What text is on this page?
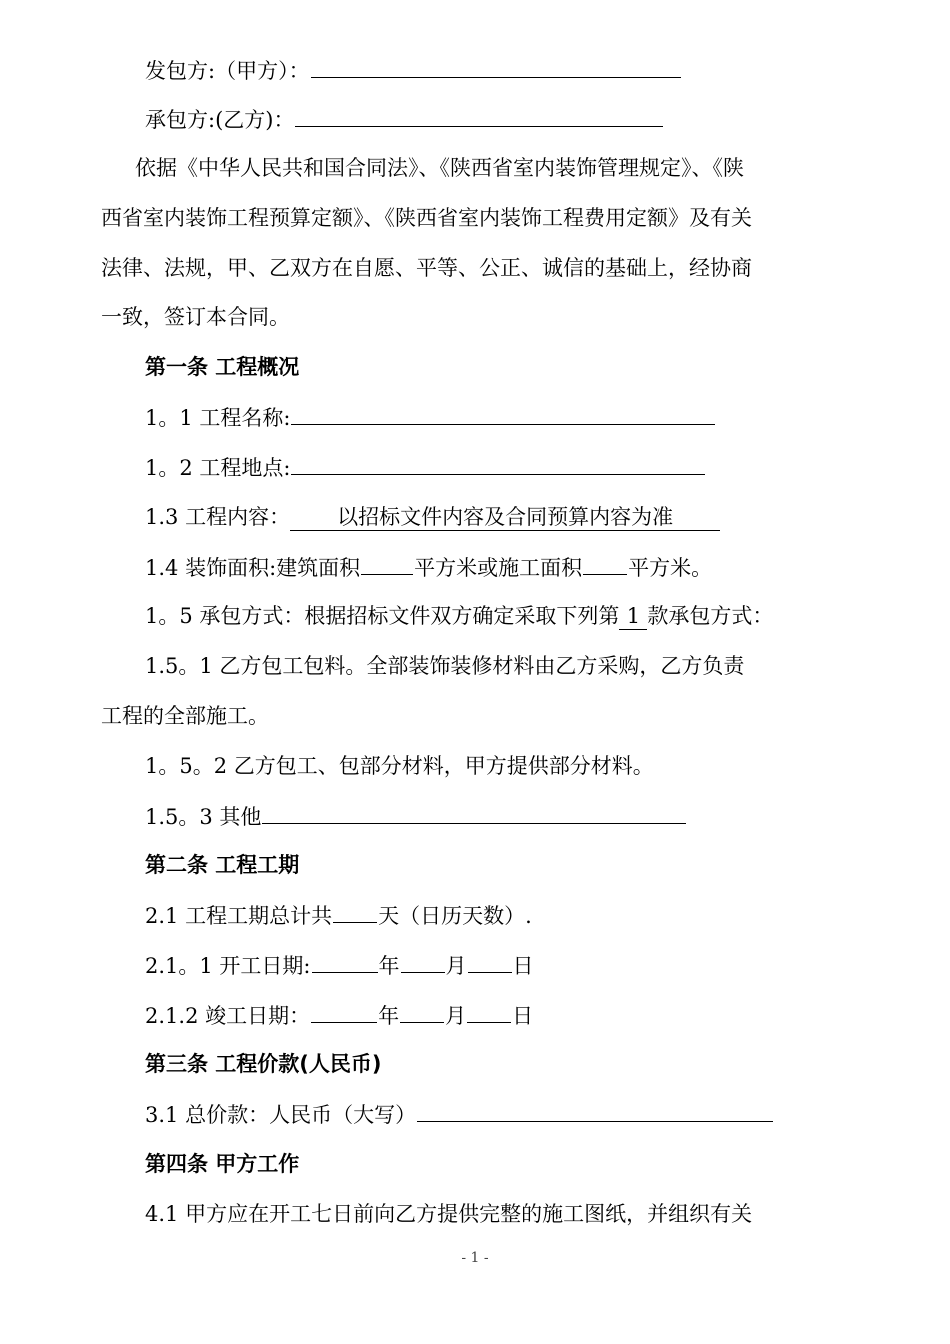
发包方:（甲方）：
承包方:(乙方)：
依据《中华人民共和国合同法》、《陕西省室内装饰管理规定》、《陕
西省室内装饰工程预算定额》、《陕西省室内装饰工程费用定额》及有关
法律、法规，甲、乙双方在自愿、平等、公正、诚信的基础上，经协商
一致，签订本合同。
第一条 工程概况
1。1 工程名称:
1。2 工程地点:
1.3 工程内容： 以招标文件内容及合同预算内容为准
1.4 装饰面积:建筑面积	平方米或施工面积 平方米。
1。5 承包方式：根据招标文件双方确定采取下列第 1 款承包方式：
1.5。1 乙方包工包料。全部装饰装修材料由乙方采购，乙方负责
工程的全部施工。
1。5。2 乙方包工、包部分材料，甲方提供部分材料。
1.5。3 其他
第二条 工程工期
2.1 工程工期总计共 天（日历天数）.
2.1。1 开工日期:	年 月 日
2.1.2 竣工日期：	年 月 日
第三条 工程价款(人民币)
3.1 总价款：人民币（大写）
第四条 甲方工作
4.1 甲方应在开工七日前向乙方提供完整的施工图纸，并组织有关
- 1 -
